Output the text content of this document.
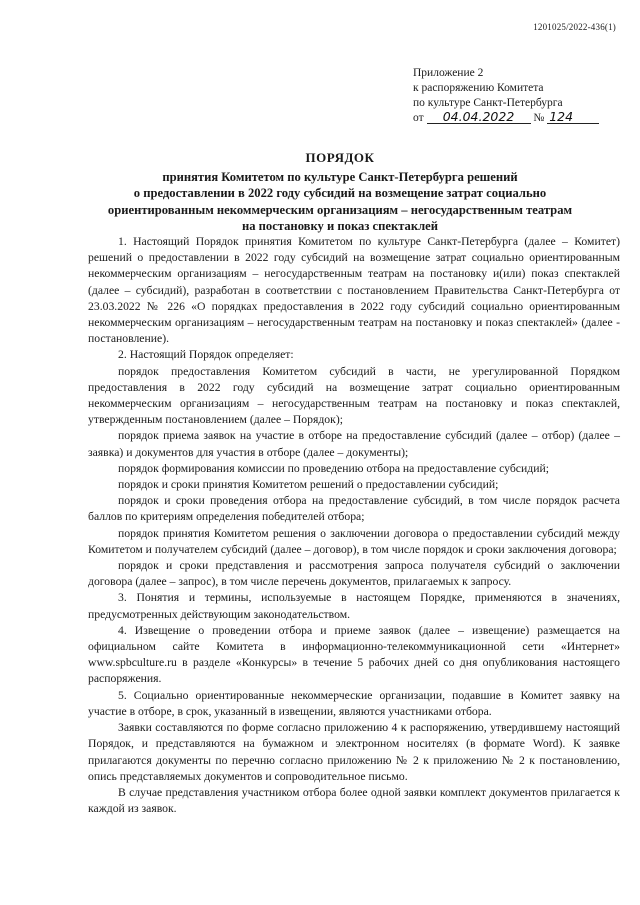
1201025/2022-436(1)
Приложение 2
к распоряжению Комитета
по культуре Санкт-Петербурга
от 04.04.2022 № 124
ПОРЯДОК
принятия Комитетом по культуре Санкт-Петербурга решений
о предоставлении в 2022 году субсидий на возмещение затрат социально
ориентированным некоммерческим организациям – негосударственным театрам
на постановку и показ спектаклей

1. Настоящий Порядок принятия Комитетом по культуре Санкт-Петербурга (далее – Комитет) решений о предоставлении в 2022 году субсидий на возмещение затрат социально ориентированным некоммерческим организациям – негосударственным театрам на постановку и(или) показ спектаклей (далее – субсидий), разработан в соответствии с постановлением Правительства Санкт-Петербурга от 23.03.2022 № 226 «О порядках предоставления в 2022 году субсидий социально ориентированным некоммерческим организациям – негосударственным театрам на постановку и показ спектаклей» (далее - постановление).

2. Настоящий Порядок определяет:

порядок предоставления Комитетом субсидий в части, не урегулированной Порядком предоставления в 2022 году субсидий на возмещение затрат социально ориентированным некоммерческим организациям – негосударственным театрам на постановку и показ спектаклей, утвержденным постановлением (далее – Порядок);

порядок приема заявок на участие в отборе на предоставление субсидий (далее – отбор) (далее – заявка) и документов для участия в отборе (далее – документы);

порядок формирования комиссии по проведению отбора на предоставление субсидий;

порядок и сроки принятия Комитетом решений о предоставлении субсидий;

порядок и сроки проведения отбора на предоставление субсидий, в том числе порядок расчета баллов по критериям определения победителей отбора;

порядок принятия Комитетом решения о заключении договора о предоставлении субсидий между Комитетом и получателем субсидий (далее – договор), в том числе порядок и сроки заключения договора;

порядок и сроки представления и рассмотрения запроса получателя субсидий о заключении договора (далее – запрос), в том числе перечень документов, прилагаемых к запросу.

3. Понятия и термины, используемые в настоящем Порядке, применяются в значениях, предусмотренных действующим законодательством.

4. Извещение о проведении отбора и приеме заявок (далее – извещение) размещается на официальном сайте Комитета в информационно-телекоммуникационной сети «Интернет» www.spbculture.ru в разделе «Конкурсы» в течение 5 рабочих дней со дня опубликования настоящего распоряжения.

5. Социально ориентированные некоммерческие организации, подавшие в Комитет заявку на участие в отборе, в срок, указанный в извещении, являются участниками отбора.

Заявки составляются по форме согласно приложению 4 к распоряжению, утвердившему настоящий Порядок, и представляются на бумажном и электронном носителях (в формате Word). К заявке прилагаются документы по перечню согласно приложению № 2 к приложению № 2 к постановлению, опись представляемых документов и сопроводительное письмо.

В случае представления участником отбора более одной заявки комплект документов прилагается к каждой из заявок.
